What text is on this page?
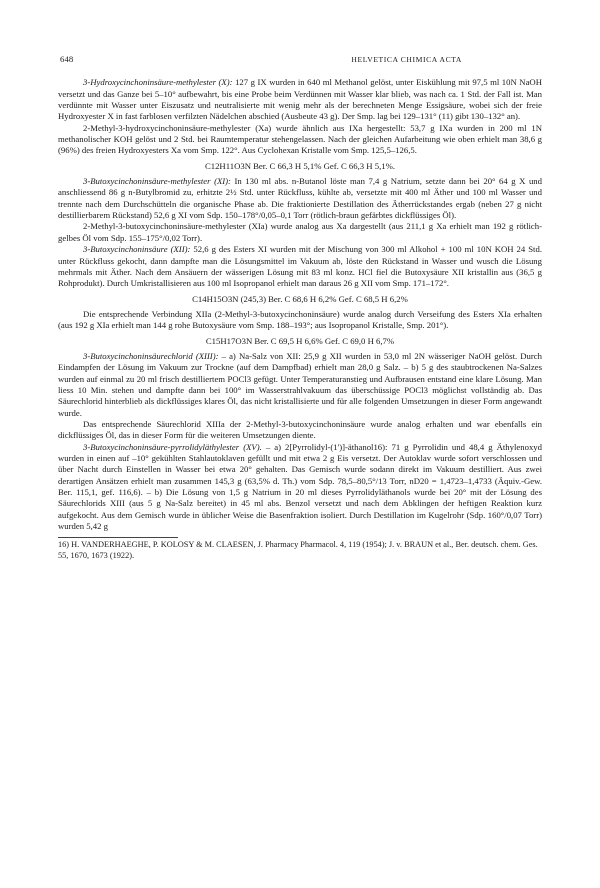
648	HELVETICA CHIMICA ACTA

3-Hydroxycinchoninsäure-methylester (X): 127 g IX wurden in 640 ml Methanol gelöst, unter Eiskühlung mit 97,5 ml 10N NaOH versetzt und das Ganze bei 5–10° aufbewahrt, bis eine Probe beim Verdünnen mit Wasser klar blieb, was nach ca. 1 Std. der Fall ist. Man verdünnte mit Wasser unter Eiszusatz und neutralisierte mit wenig mehr als der berechneten Menge Essigsäure, wobei sich der freie Hydroxyester X in fast farblosen verfilzten Nädelchen abschied (Ausbeute 43 g). Der Smp. lag bei 129–131° (11) gibt 130–132° an).

2-Methyl-3-hydroxycinchoninsäure-methylester (Xa) wurde ähnlich aus IXa hergestellt: 53,7 g IXa wurden in 200 ml 1N methanolischer KOH gelöst und 2 Std. bei Raumtemperatur stehengelassen. Nach der gleichen Aufarbeitung wie oben erhielt man 38,6 g (96%) des freien Hydroxyesters Xa vom Smp. 122°. Aus Cyclohexan Kristalle vom Smp. 125,5–126,5.

C12H11O3N Ber. C 66,3 H 5,1% Gef. C 66,3 H 5,1%.

3-Butoxycinchoninsäure-methylester (XI): In 130 ml abs. n-Butanol löste man 7,4 g Natrium, setzte dann bei 20° 64 g X und anschliessend 86 g n-Butylbromid zu, erhitzte 2½ Std. unter Rückfluss, kühlte ab, versetzte mit 400 ml Äther und 100 ml Wasser und trennte nach dem Durchschütteln die organische Phase ab. Die fraktionierte Destillation des Ätherrückstandes ergab (neben 27 g nicht destillierbarem Rückstand) 52,6 g XI vom Sdp. 150–178°/0,05–0,1 Torr (rötlich-braun gefärbtes dickflüssiges Öl).

2-Methyl-3-butoxycinchoninsäure-methylester (XIa) wurde analog aus Xa dargestellt (aus 211,1 g Xa erhielt man 192 g rötlich-gelbes Öl vom Sdp. 155–175°/0,02 Torr).

3-Butoxycinchoninsäure (XII): 52,6 g des Esters XI wurden mit der Mischung von 300 ml Alkohol + 100 ml 10N KOH 24 Std. unter Rückfluss gekocht, dann dampfte man die Lösungsmittel im Vakuum ab, löste den Rückstand in Wasser und wusch die Lösung mehrmals mit Äther. Nach dem Ansäuern der wässerigen Lösung mit 83 ml konz. HCl fiel die Butoxysäure XII kristallin aus (36,5 g Rohprodukt). Durch Umkristallisieren aus 100 ml Isopropanol erhielt man daraus 26 g XII vom Smp. 171–172°.

C14H15O3N (245,3) Ber. C 68,6 H 6,2% Gef. C 68,5 H 6,2%

Die entsprechende Verbindung XIIa (2-Methyl-3-butoxycinchoninsäure) wurde analog durch Verseifung des Esters XIa erhalten (aus 192 g XIa erhielt man 144 g rohe Butoxysäure vom Smp. 188–193°; aus Isopropanol Kristalle, Smp. 201°).

C15H17O3N Ber. C 69,5 H 6,6% Gef. C 69,0 H 6,7%

3-Butoxycinchoninsäurechlorid (XIII): – a) Na-Salz von XII: 25,9 g XII wurden in 53,0 ml 2N wässeriger NaOH gelöst. Durch Eindampfen der Lösung im Vakuum zur Trockne (auf dem Dampfbad) erhielt man 28,0 g Salz. – b) 5 g des staubtrockenen Na-Salzes wurden auf einmal zu 20 ml frisch destilliertem POCl3 gefügt. Unter Temperaturanstieg und Aufbrausen entstand eine klare Lösung. Man liess 10 Min. stehen und dampfte dann bei 100° im Wasserstrahlvakuum das überschüssige POCl3 möglichst vollständig ab. Das Säurechlorid hinterblieb als dickflüssiges klares Öl, das nicht kristallisierte und für alle folgenden Umsetzungen in dieser Form angewandt wurde.

Das entsprechende Säurechlorid XIIIa der 2-Methyl-3-butoxycinchoninsäure wurde analog erhalten und war ebenfalls ein dickflüssiges Öl, das in dieser Form für die weiteren Umsetzungen diente.

3-Butoxycinchoninsäure-pyrrolidyläthylester (XV). – a) 2[Pyrrolidyl-(1')]-äthanol16): 71 g Pyrrolidin und 48,4 g Äthylenoxyd wurden in einen auf –10° gekühlten Stahlautoklaven gefüllt und mit etwa 2 g Eis versetzt. Der Autoklav wurde sofort verschlossen und über Nacht durch Einstellen in Wasser bei etwa 20° gehalten. Das Gemisch wurde sodann direkt im Vakuum destilliert. Aus zwei derartigen Ansätzen erhielt man zusammen 145,3 g (63,5% d. Th.) vom Sdp. 78,5–80,5°/13 Torr, nD20 = 1,4723–1,4733 (Äquiv.-Gew. Ber. 115,1, gef. 116,6). – b) Die Lösung von 1,5 g Natrium in 20 ml dieses Pyrrolidyläthanols wurde bei 20° mit der Lösung des Säurechlorids XIII (aus 5 g Na-Salz bereitet) in 45 ml abs. Benzol versetzt und nach dem Abklingen der heftigen Reaktion kurz aufgekocht. Aus dem Gemisch wurde in üblicher Weise die Basenfraktion isoliert. Durch Destillation im Kugelrohr (Sdp. 160°/0,07 Torr) wurden 5,42 g

16) H. VANDERHAEGHE, P. KOLOSY & M. CLAESEN, J. Pharmacy Pharmacol. 4, 119 (1954); J. v. BRAUN et al., Ber. deutsch. chem. Ges. 55, 1670, 1673 (1922).
